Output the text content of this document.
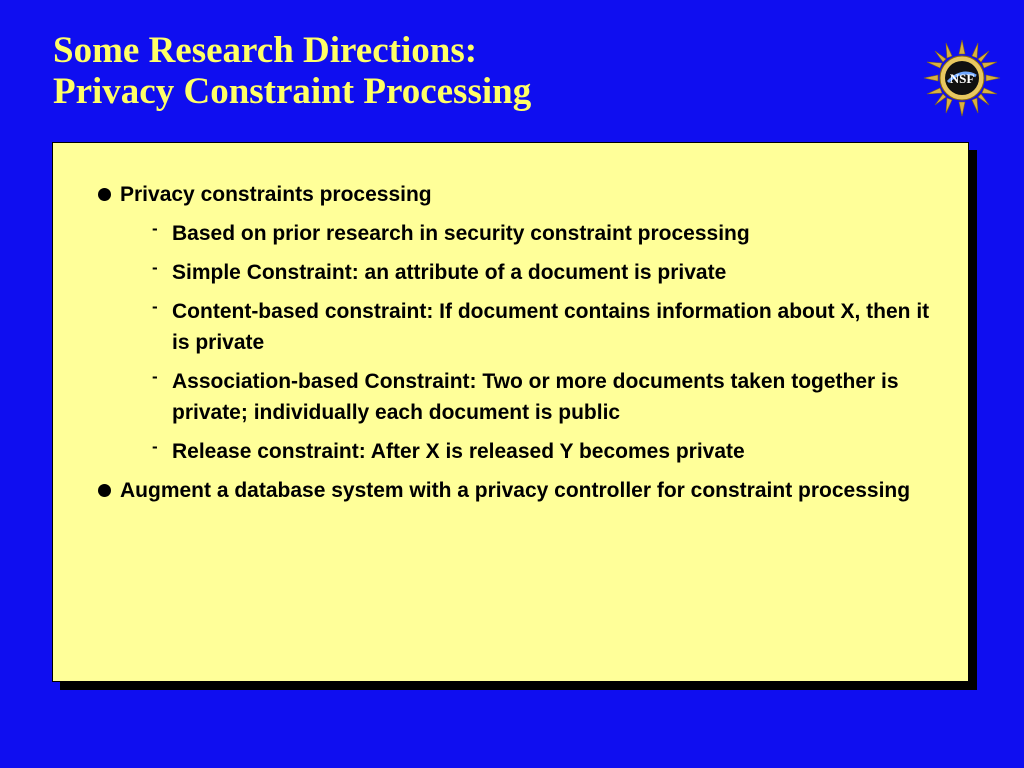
Some Research Directions:
Privacy Constraint Processing	NSF
Privacy constraints processing
- Based on prior research in security constraint processing
- Simple Constraint: an attribute of a document is private
- Content-based constraint: If document contains information about X, then it is private
- Association-based Constraint: Two or more documents taken together is private; individually each document is public
- Release constraint: After X is released Y becomes private
Augment a database system with a privacy controller for constraint processing
